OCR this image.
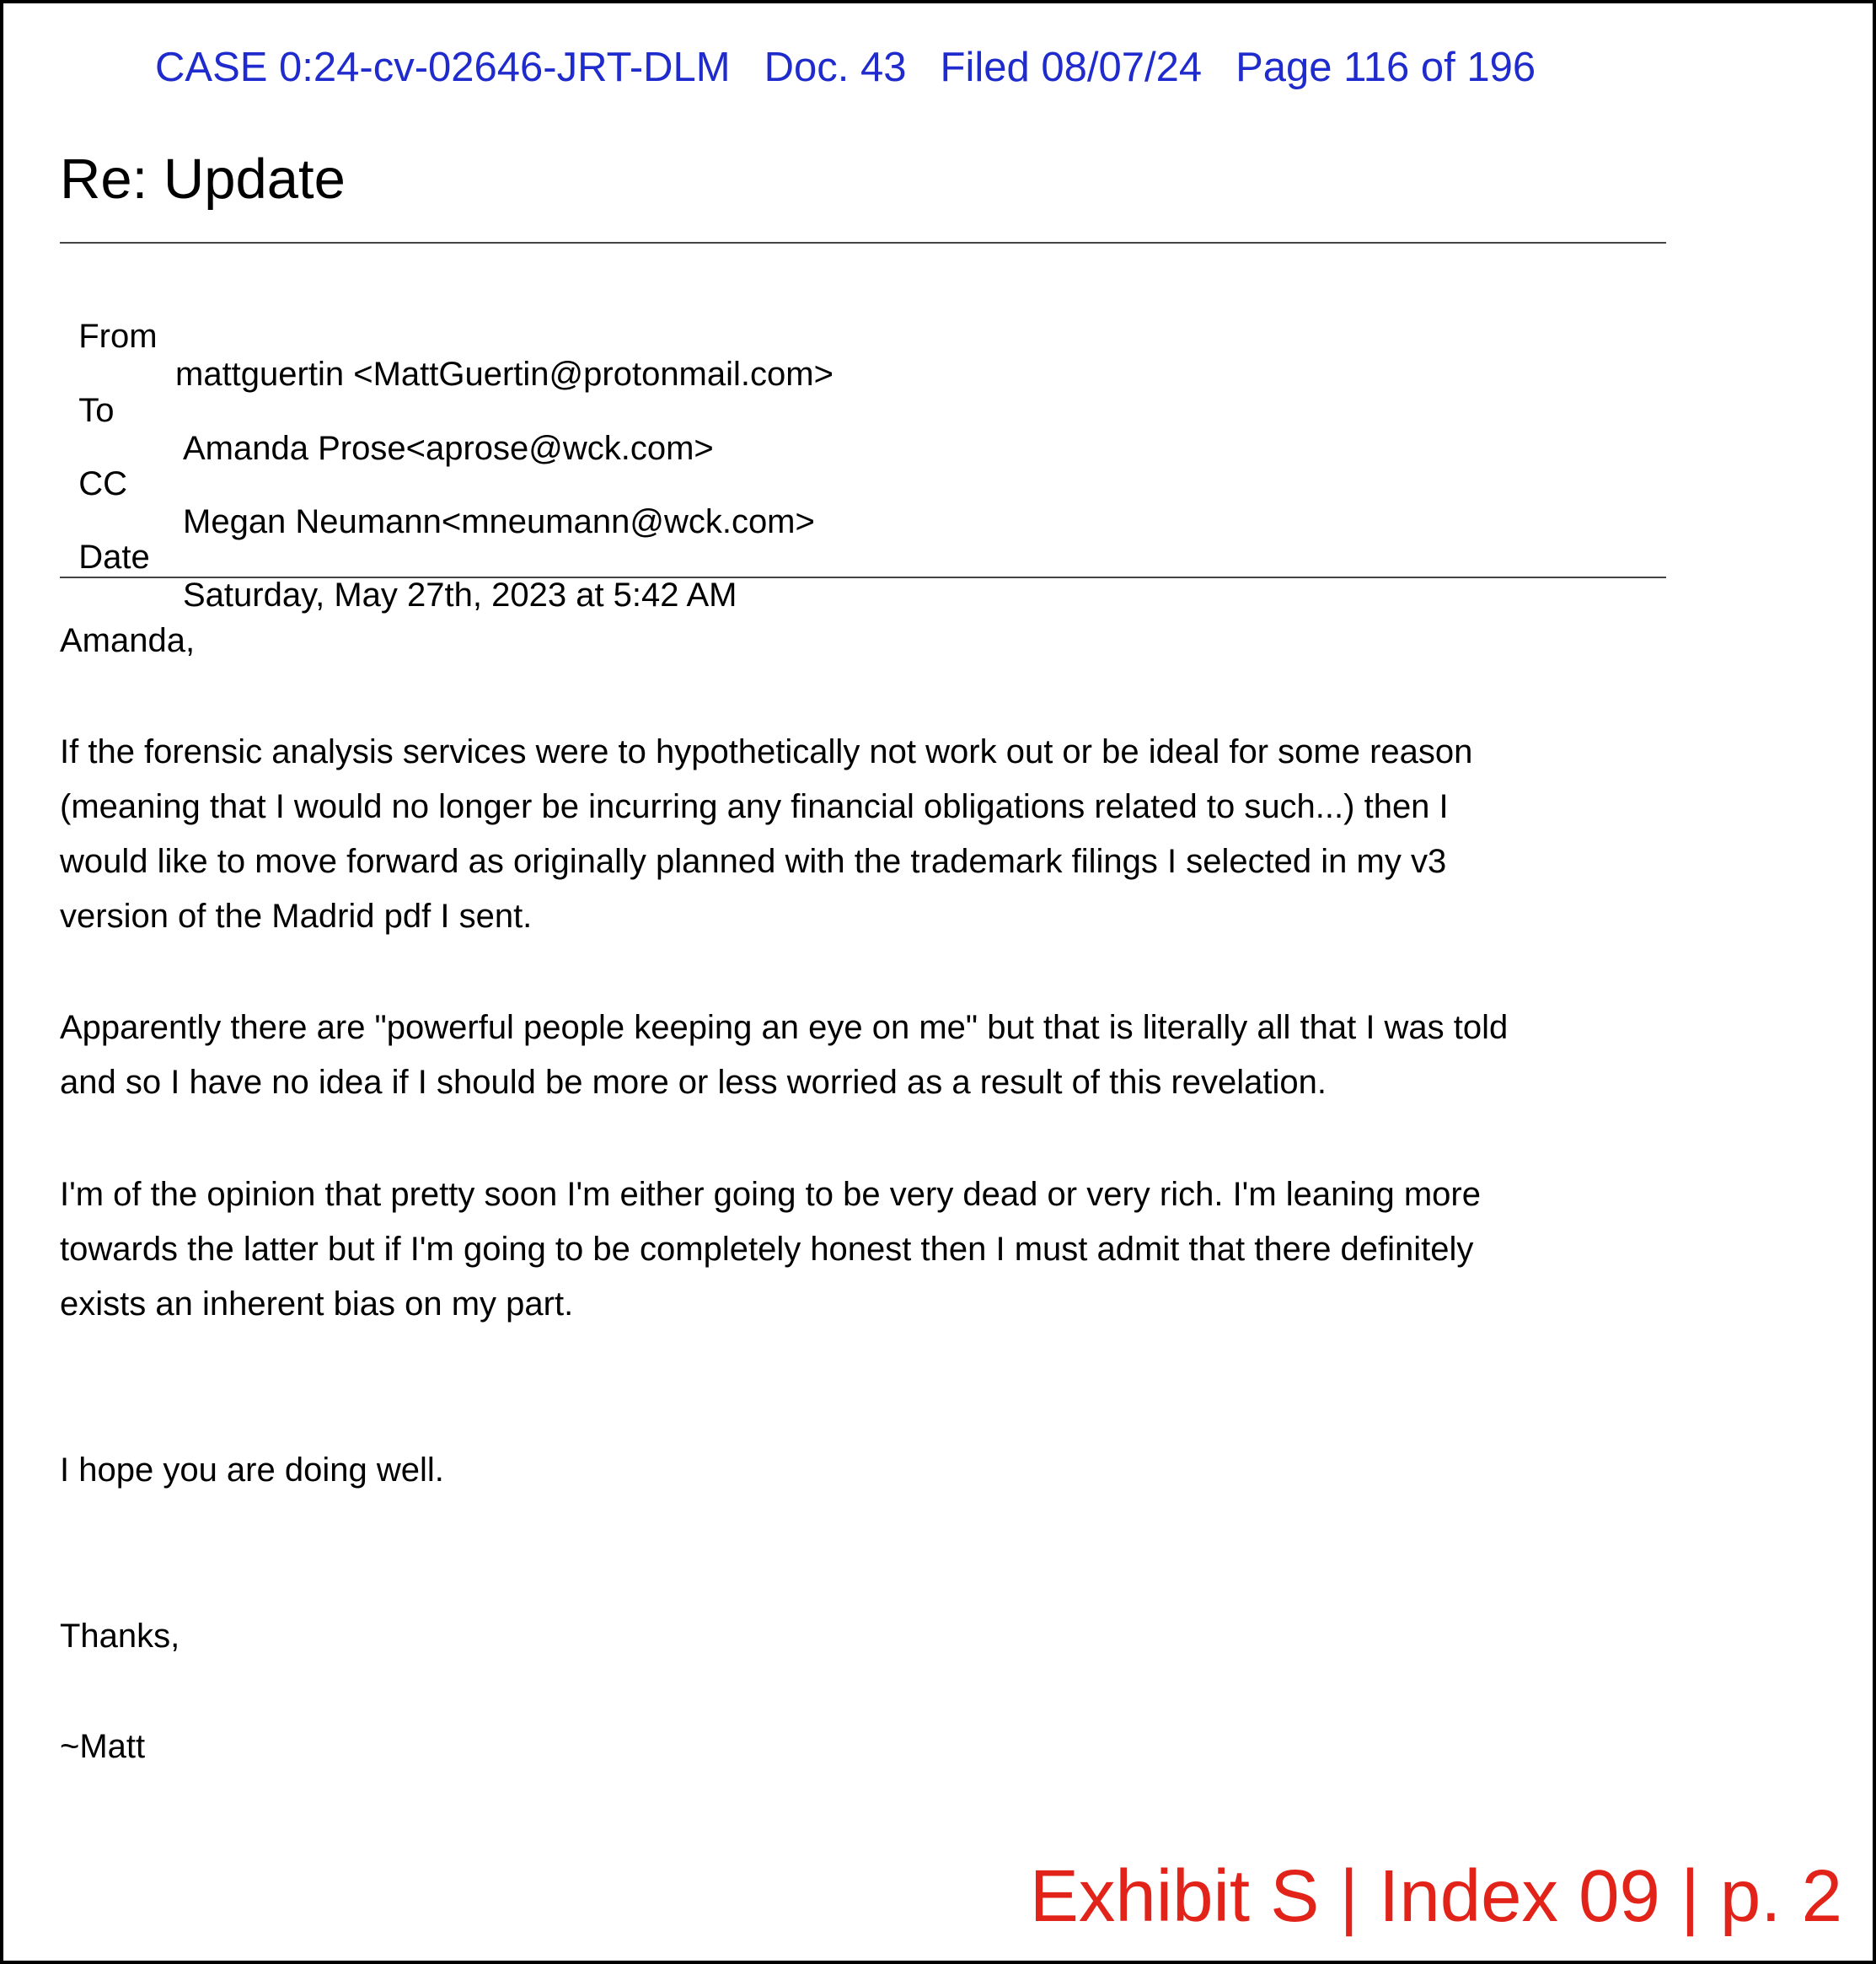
CASE 0:24-cv-02646-JRT-DLM Doc. 43 Filed 08/07/24 Page 116 of 196
Re: Update

From

mattguertin <MattGuertin@protonmail.com>

To

Amanda Prose<aprose@wck.com>

CC

Megan Neumann<mneumann@wck.com>

Date

Saturday, May 27th, 2023 at 5:42 AM

Amanda,

If the forensic analysis services were to hypothetically not work out or be ideal for some reason
(meaning that I would no longer be incurring any financial obligations related to such...) then I
would like to move forward as originally planned with the trademark filings I selected in my v3
version of the Madrid pdf I sent.
Apparently there are "powerful people keeping an eye on me" but that is literally all that I was told
and so I have no idea if I should be more or less worried as a result of this revelation.
I'm of the opinion that pretty soon I'm either going to be very dead or very rich. I'm leaning more
towards the latter but if I'm going to be completely honest then I must admit that there definitely
exists an inherent bias on my part.

I hope you are doing well.

Thanks,

~Matt

Exhibit S | Index 09 | p. 2
